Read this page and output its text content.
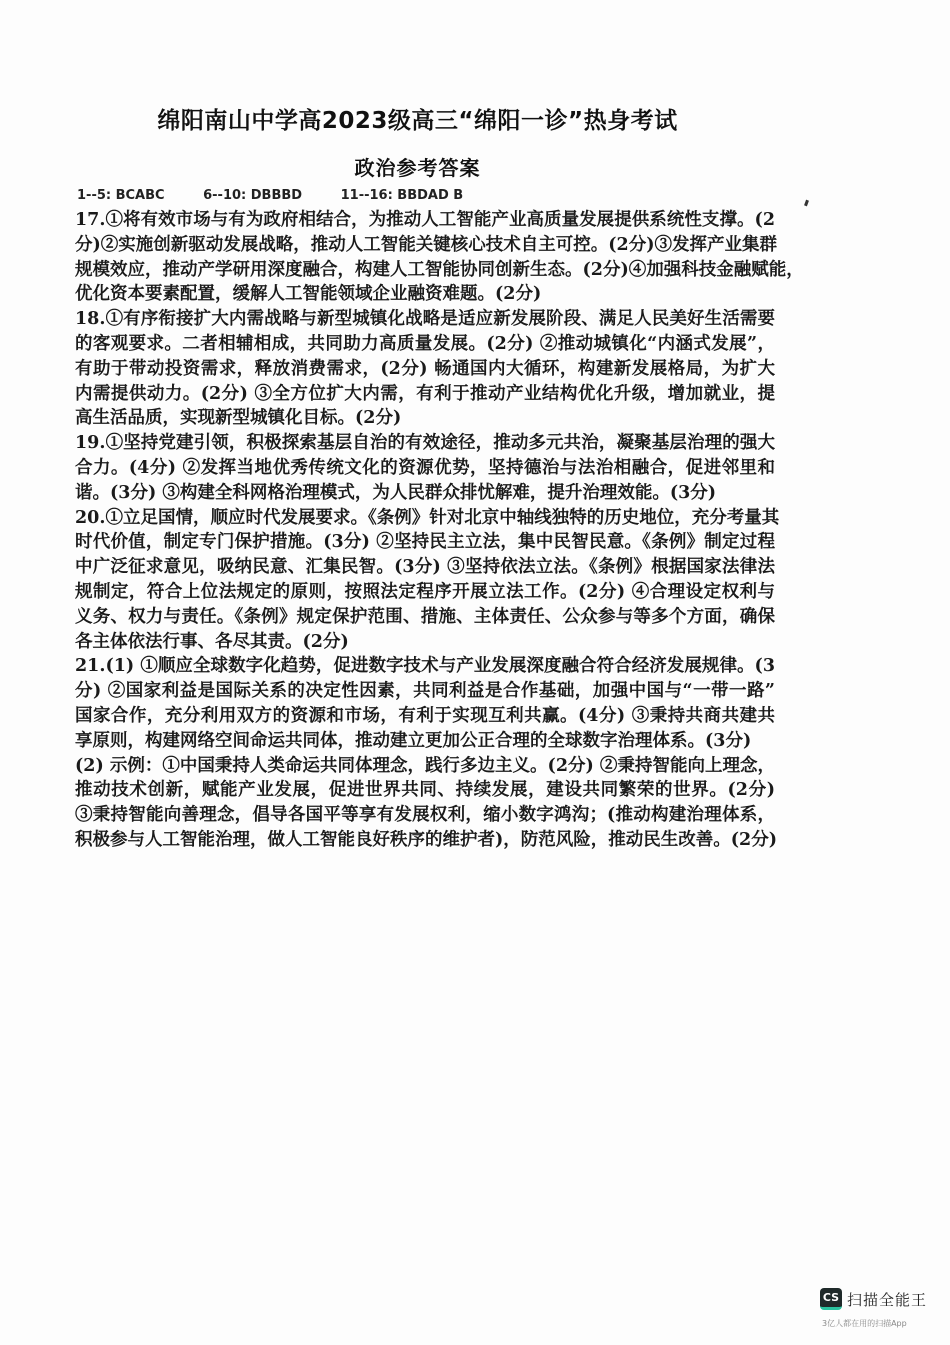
绵阳南山中学高2023级高三“绵阳一诊”热身考试
政治参考答案
1--5: BCABC	6--10: DBBBD	11--16: BBDAD B
17.①将有效市场与有为政府相结合，为推动人工智能产业高质量发展提供系统性支撑。(2
分)②实施创新驱动发展战略，推动人工智能关键核心技术自主可控。(2分)③发挥产业集群
规模效应，推动产学研用深度融合，构建人工智能协同创新生态。(2分)④加强科技金融赋能，
优化资本要素配置，缓解人工智能领域企业融资难题。(2分)
18.①有序衔接扩大内需战略与新型城镇化战略是适应新发展阶段、满足人民美好生活需要
的客观要求。二者相辅相成，共同助力高质量发展。(2分) ②推动城镇化“内涵式发展”，
有助于带动投资需求，释放消费需求，(2分) 畅通国内大循环，构建新发展格局，为扩大
内需提供动力。(2分) ③全方位扩大内需，有利于推动产业结构优化升级，增加就业，提
高生活品质，实现新型城镇化目标。(2分)
19.①坚持党建引领，积极探索基层自治的有效途径，推动多元共治，凝聚基层治理的强大
合力。(4分) ②发挥当地优秀传统文化的资源优势，坚持德治与法治相融合，促进邻里和
谐。(3分) ③构建全科网格治理模式，为人民群众排忧解难，提升治理效能。(3分)
20.①立足国情，顺应时代发展要求。《条例》针对北京中轴线独特的历史地位，充分考量其
时代价值，制定专门保护措施。(3分) ②坚持民主立法，集中民智民意。《条例》制定过程
中广泛征求意见，吸纳民意、汇集民智。(3分) ③坚持依法立法。《条例》根据国家法律法
规制定，符合上位法规定的原则，按照法定程序开展立法工作。(2分) ④合理设定权利与
义务、权力与责任。《条例》规定保护范围、措施、主体责任、公众参与等多个方面，确保
各主体依法行事、各尽其责。(2分)
21.(1) ①顺应全球数字化趋势，促进数字技术与产业发展深度融合符合经济发展规律。(3
分) ②国家利益是国际关系的决定性因素，共同利益是合作基础，加强中国与“一带一路”
国家合作，充分利用双方的资源和市场，有利于实现互利共赢。(4分) ③秉持共商共建共
享原则，构建网络空间命运共同体，推动建立更加公正合理的全球数字治理体系。(3分)
(2) 示例：①中国秉持人类命运共同体理念，践行多边主义。(2分) ②秉持智能向上理念，
推动技术创新，赋能产业发展，促进世界共同、持续发展，建设共同繁荣的世界。(2分)
③秉持智能向善理念，倡导各国平等享有发展权利，缩小数字鸿沟；(推动构建治理体系，
积极参与人工智能治理，做人工智能良好秩序的维护者)，防范风险，推动民生改善。(2分)
CS 扫描全能王
3亿人都在用的扫描App
